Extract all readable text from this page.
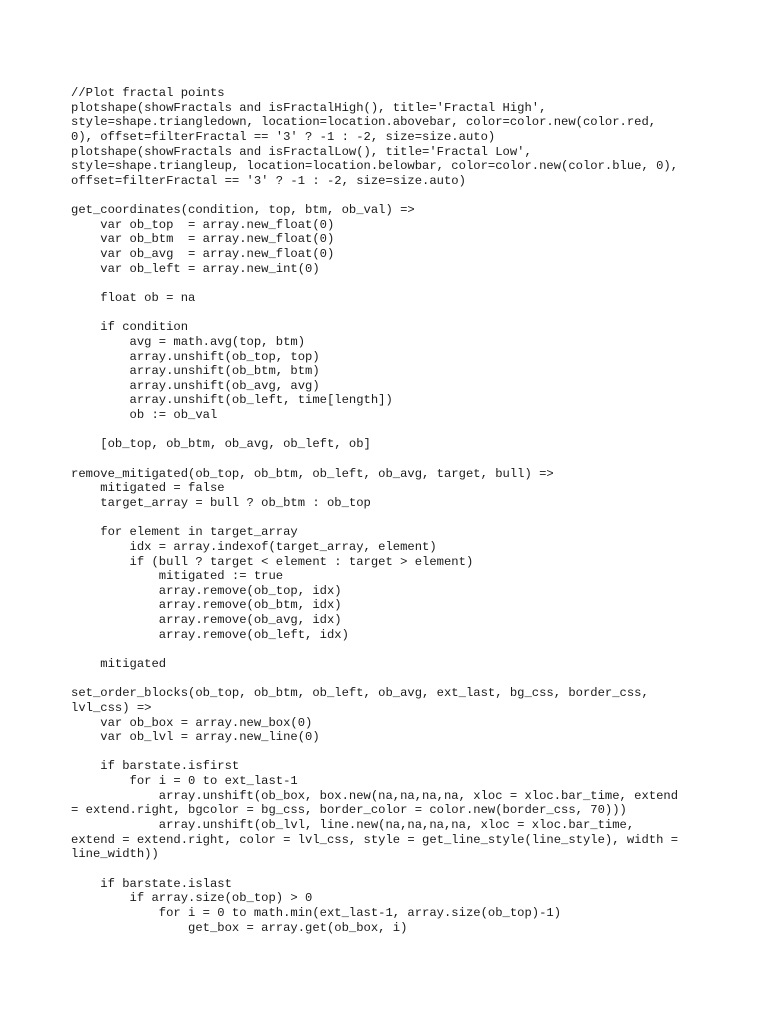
//Plot fractal points
plotshape(showFractals and isFractalHigh(), title='Fractal High',
style=shape.triangledown, location=location.abovebar, color=color.new(color.red,
0), offset=filterFractal == '3' ? -1 : -2, size=size.auto)
plotshape(showFractals and isFractalLow(), title='Fractal Low',
style=shape.triangleup, location=location.belowbar, color=color.new(color.blue, 0),
offset=filterFractal == '3' ? -1 : -2, size=size.auto)
get_coordinates(condition, top, btm, ob_val) =>
var ob_top  = array.new_float(0)
var ob_btm  = array.new_float(0)
var ob_avg  = array.new_float(0)
var ob_left = array.new_int(0)
float ob = na
if condition
avg = math.avg(top, btm)
array.unshift(ob_top, top)
array.unshift(ob_btm, btm)
array.unshift(ob_avg, avg)
array.unshift(ob_left, time[length])
ob := ob_val
[ob_top, ob_btm, ob_avg, ob_left, ob]
remove_mitigated(ob_top, ob_btm, ob_left, ob_avg, target, bull) =>
mitigated = false
target_array = bull ? ob_btm : ob_top
for element in target_array
idx = array.indexof(target_array, element)
if (bull ? target < element : target > element)
mitigated := true
array.remove(ob_top, idx)
array.remove(ob_btm, idx)
array.remove(ob_avg, idx)
array.remove(ob_left, idx)
mitigated
set_order_blocks(ob_top, ob_btm, ob_left, ob_avg, ext_last, bg_css, border_css,
lvl_css) =>
var ob_box = array.new_box(0)
var ob_lvl = array.new_line(0)
if barstate.isfirst
for i = 0 to ext_last-1
array.unshift(ob_box, box.new(na,na,na,na, xloc = xloc.bar_time, extend
= extend.right, bgcolor = bg_css, border_color = color.new(border_css, 70)))
array.unshift(ob_lvl, line.new(na,na,na,na, xloc = xloc.bar_time,
extend = extend.right, color = lvl_css, style = get_line_style(line_style), width =
line_width))
if barstate.islast
if array.size(ob_top) > 0
for i = 0 to math.min(ext_last-1, array.size(ob_top)-1)
get_box = array.get(ob_box, i)
